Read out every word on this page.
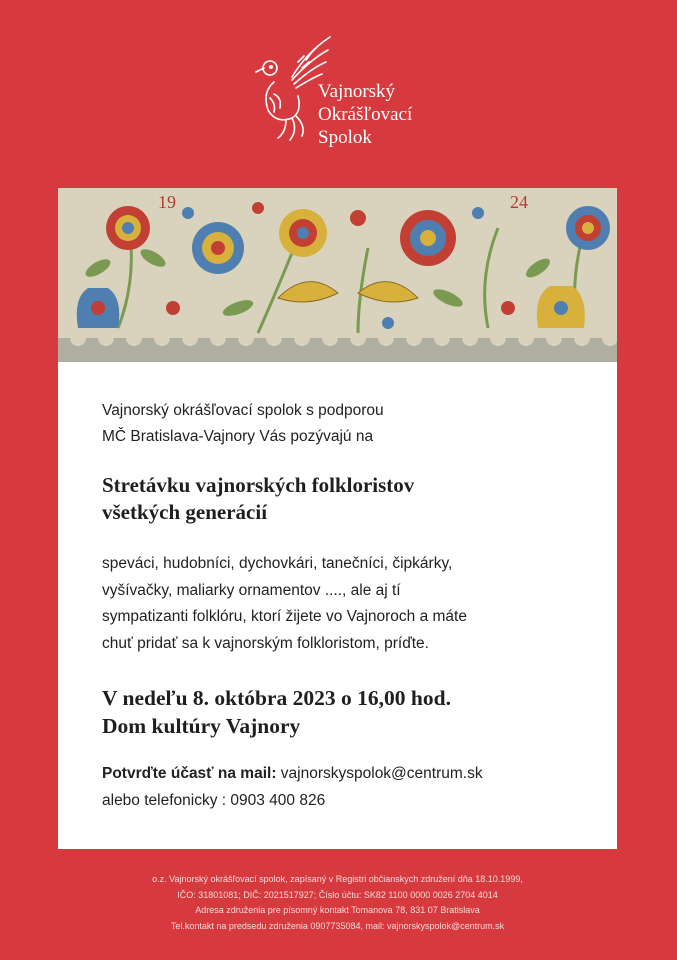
Vajnorský
Okrášľovací
Spolok
19	24
Vajnorský okrášľovací spolok s podporou
MČ Bratislava-Vajnory Vás pozývajú na
Stretávku vajnorských folkloristov
všetkých generácií
speváci, hudobníci, dychovkári, tanečníci, čipkárky,
vyšívačky, maliarky ornamentov ...., ale aj tí
sympatizanti folklóru, ktorí žijete vo Vajnoroch a máte
chuť pridať sa k vajnorským folkloristom, príďte.
V nedeľu 8. októbra 2023 o 16,00 hod.
Dom kultúry Vajnory
Potvrďte účasť na mail: vajnorskyspolok@centrum.sk
alebo telefonicky : 0903 400 826
o.z. Vajnorský okrášľovací spolok, zapísaný v Registri občianskych združení dňa 18.10.1999,
IČO: 31801081; DIČ: 2021517927; Číslo účtu: SK82 1100 0000 0026 2704 4014
Adresa združenia pre písomný kontakt Tomanova 78, 831 07 Bratislava
Tel.kontakt na predsedu združenia 0907735084, mail: vajnorskyspolok@centrum.sk
